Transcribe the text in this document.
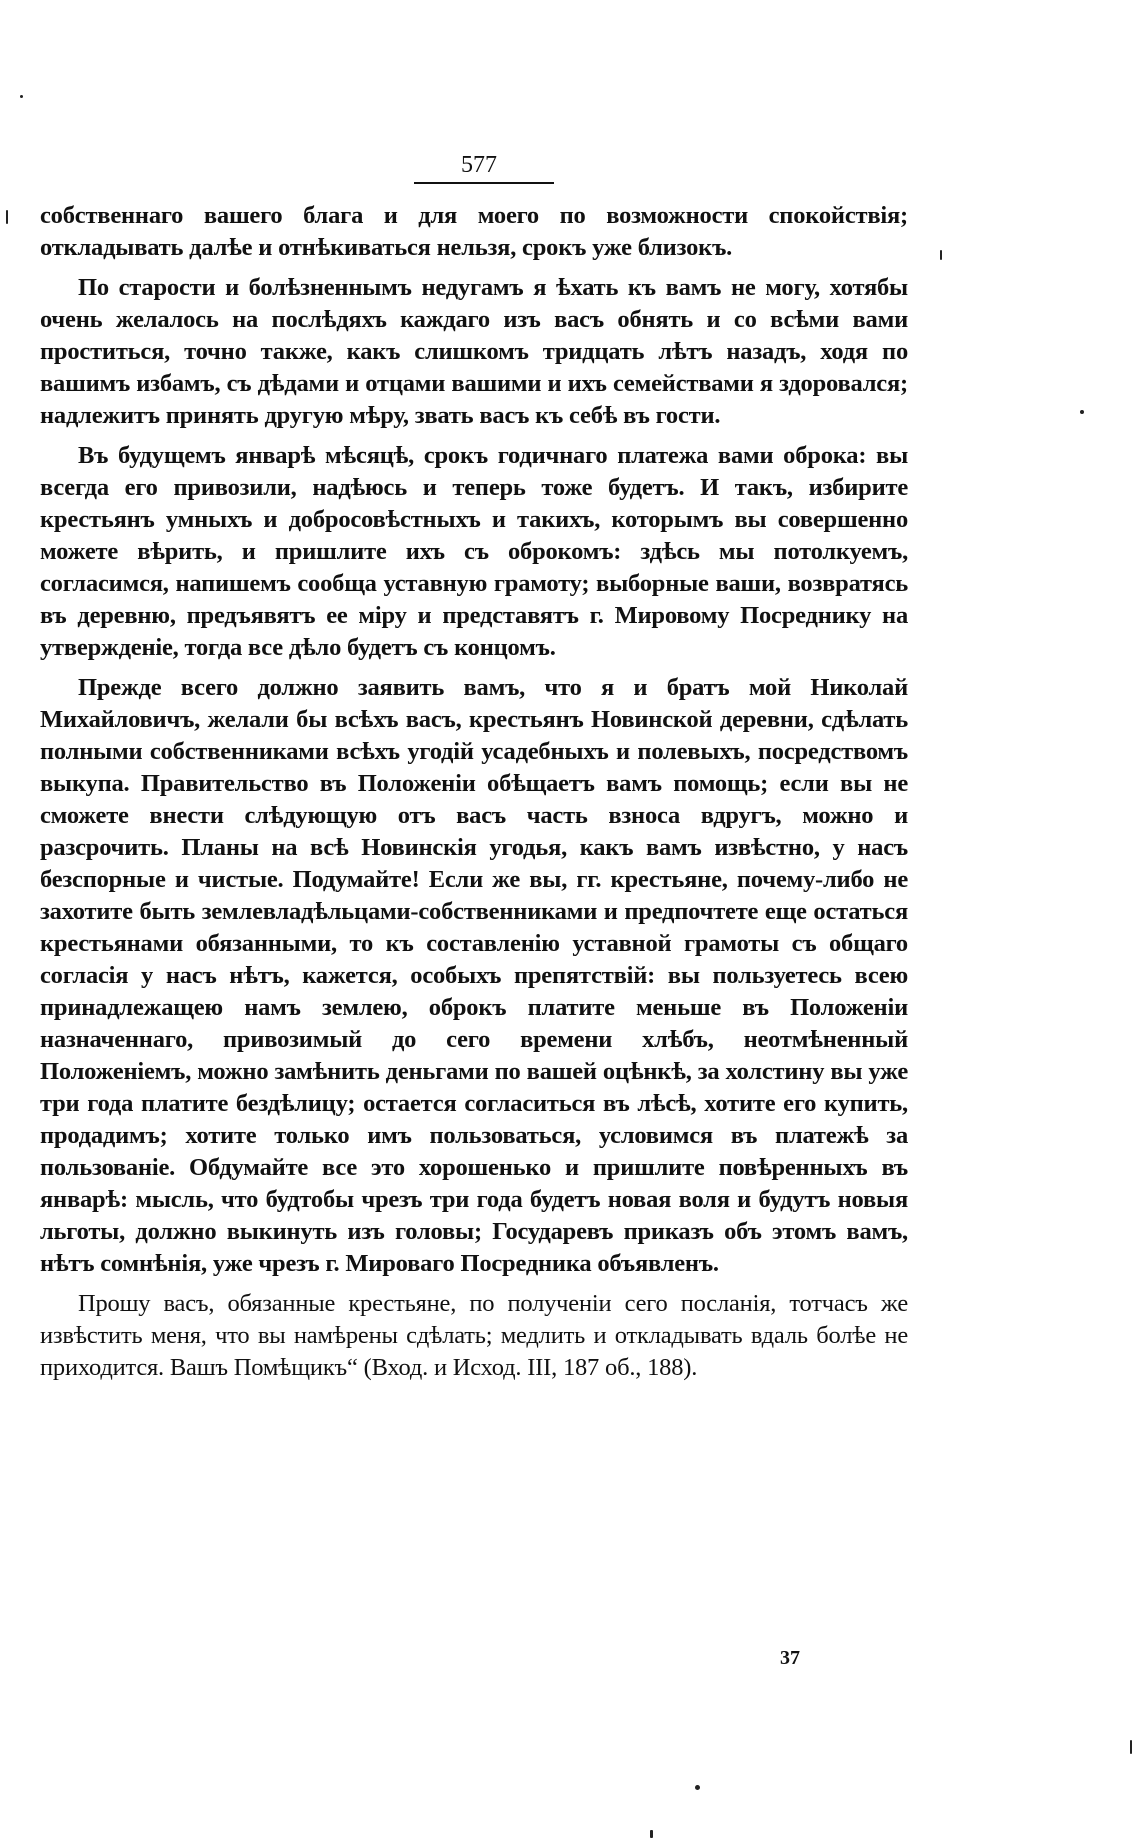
577

собственнаго вашего блага и для моего по возможности спокойствія; откладывать далѣе и отнѣкиваться нельзя, срокъ уже близокъ.

По старости и болѣзненнымъ недугамъ я ѣхать къ вамъ не могу, хотябы очень желалось на послѣдяхъ каждаго изъ васъ обнять и со всѣми вами проститься, точно также, какъ слишкомъ тридцать лѣтъ назадъ, ходя по вашимъ избамъ, съ дѣдами и отцами вашими и ихъ семействами я здоровался; надлежитъ принять другую мѣру, звать васъ къ себѣ въ гости.

Въ будущемъ январѣ мѣсяцѣ, срокъ годичнаго платежа вами оброка: вы всегда его привозили, надѣюсь и теперь тоже будетъ. И такъ, избирите крестьянъ умныхъ и добросовѣстныхъ и такихъ, которымъ вы совершенно можете вѣрить, и пришлите ихъ съ оброкомъ: здѣсь мы потолкуемъ, согласимся, напишемъ сообща уставную грамоту; выборные ваши, возвратясь въ деревню, предъявятъ ее міру и представятъ г. Мировому Посреднику на утвержденіе, тогда все дѣло будетъ съ концомъ.

Прежде всего должно заявить вамъ, что я и братъ мой Николай Михайловичъ, желали бы всѣхъ васъ, крестьянъ Новинской деревни, сдѣлать полными собственниками всѣхъ угодій усадебныхъ и полевыхъ, посредствомъ выкупа. Правительство въ Положеніи обѣщаетъ вамъ помощь; если вы не сможете внести слѣдующую отъ васъ часть взноса вдругъ, можно и разсрочить. Планы на всѣ Новинскія угодья, какъ вамъ извѣстно, у насъ безспорные и чистые. Подумайте! Если же вы, гг. крестьяне, почему-либо не захотите быть землевладѣльцами-собственниками и предпочтете еще остаться крестьянами обязанными, то къ составленію уставной грамоты съ общаго согласія у насъ нѣтъ, кажется, особыхъ препятствій: вы пользуетесь всею принадлежащею намъ землею, оброкъ платите меньше въ Положеніи назначеннаго, привозимый до сего времени хлѣбъ, неотмѣненный Положеніемъ, можно замѣнить деньгами по вашей оцѣнкѣ, за холстину вы уже три года платите бездѣлицу; остается согласиться въ лѣсѣ, хотите его купить, продадимъ; хотите только имъ пользоваться, условимся въ платежѣ за пользованіе. Обдумайте все это хорошенько и пришлите повѣренныхъ въ январѣ: мысль, что будтобы чрезъ три года будетъ новая воля и будутъ новыя льготы, должно выкинуть изъ головы; Государевъ приказъ объ этомъ вамъ, нѣтъ сомнѣнія, уже чрезъ г. Мироваго Посредника объявленъ.

Прошу васъ, обязанные крестьяне, по полученіи сего посланія, тотчасъ же извѣстить меня, что вы намѣрены сдѣлать; медлить и откладывать вдаль болѣе не приходится. Вашъ Помѣщикъ“ (Вход. и Исход. III, 187 об., 188).

37
